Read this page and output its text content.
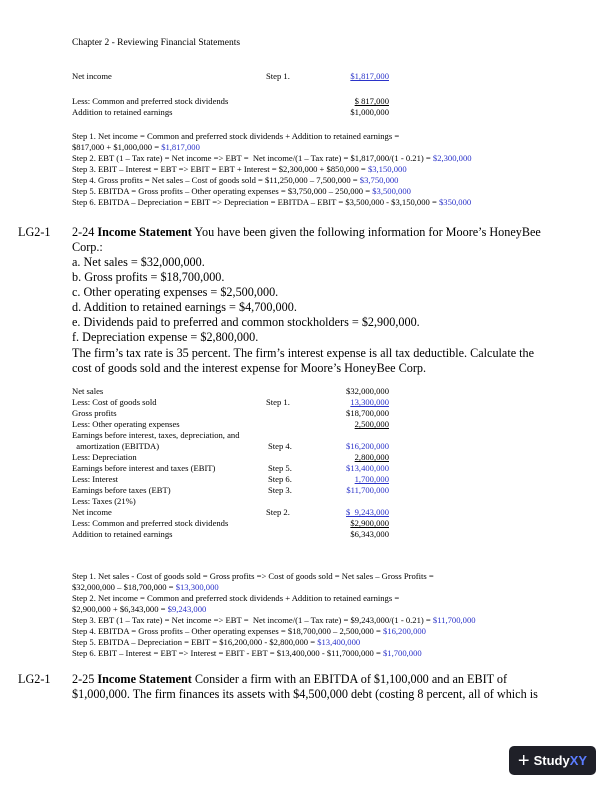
Chapter 2 - Reviewing Financial Statements
Net income	Step 1.	$1,817,000
Less: Common and preferred stock dividends	$ 817,000
Addition to retained earnings	$1,000,000
Step 1. Net income = Common and preferred stock dividends + Addition to retained earnings =
$817,000 + $1,000,000 = $1,817,000
Step 2. EBT (1 – Tax rate) = Net income => EBT =  Net income/(1 – Tax rate) = $1,817,000/(1 - 0.21) = $2,300,000
Step 3. EBIT – Interest = EBT => EBIT = EBT + Interest = $2,300,000 + $850,000 = $3,150,000
Step 4. Gross profits = Net sales – Cost of goods sold = $11,250,000 – 7,500,000 = $3,750,000
Step 5. EBITDA = Gross profits – Other operating expenses = $3,750,000 – 250,000 = $3,500,000
Step 6. EBITDA – Depreciation = EBIT => Depreciation = EBITDA – EBIT = $3,500,000 - $3,150,000 = $350,000
LG2-1 2-24 Income Statement You have been given the following information for Moore’s HoneyBee
Corp.:
a. Net sales = $32,000,000.
b. Gross profits = $18,700,000.
c. Other operating expenses = $2,500,000.
d. Addition to retained earnings = $4,700,000.
e. Dividends paid to preferred and common stockholders = $2,900,000.
f. Depreciation expense = $2,800,000.
The firm’s tax rate is 35 percent. The firm’s interest expense is all tax deductible. Calculate the
cost of goods sold and the interest expense for Moore’s HoneyBee Corp.
Net sales	$32,000,000
Less: Cost of goods sold	Step 1.	13,300,000
Gross profits	$18,700,000
Less: Other operating expenses	2,500,000
Earnings before interest, taxes, depreciation, and
amortization (EBITDA)	Step 4.	$16,200,000
Less: Depreciation	2,800,000
Earnings before interest and taxes (EBIT)	Step 5.	$13,400,000
Less: Interest	Step 6.	1,700,000
Earnings before taxes (EBT)	Step 3.	$11,700,000
Less: Taxes (21%)
Net income	Step 2.	$  9,243,000
Less: Common and preferred stock dividends	$2,900,000
Addition to retained earnings	$6,343,000
Step 1. Net sales - Cost of goods sold = Gross profits => Cost of goods sold = Net sales – Gross Profits =
$32,000,000 – $18,700,000 = $13,300,000
Step 2. Net income = Common and preferred stock dividends + Addition to retained earnings =
$2,900,000 + $6,343,000 = $9,243,000
Step 3. EBT (1 – Tax rate) = Net income => EBT =  Net income/(1 – Tax rate) = $9,243,000/(1 - 0.21) = $11,700,000
Step 4. EBITDA = Gross profits – Other operating expenses = $18,700,000 – 2,500,000 = $16,200,000
Step 5. EBITDA – Depreciation = EBIT = $16,200,000 - $2,800,000 = $13,400,000
Step 6. EBIT – Interest = EBT => Interest = EBIT - EBT = $13,400,000 - $11,7000,000 = $1,700,000
LG2-1 2-25 Income Statement Consider a firm with an EBITDA of $1,100,000 and an EBIT of
$1,000,000. The firm finances its assets with $4,500,000 debt (costing 8 percent, all of which is
+ Study XY
